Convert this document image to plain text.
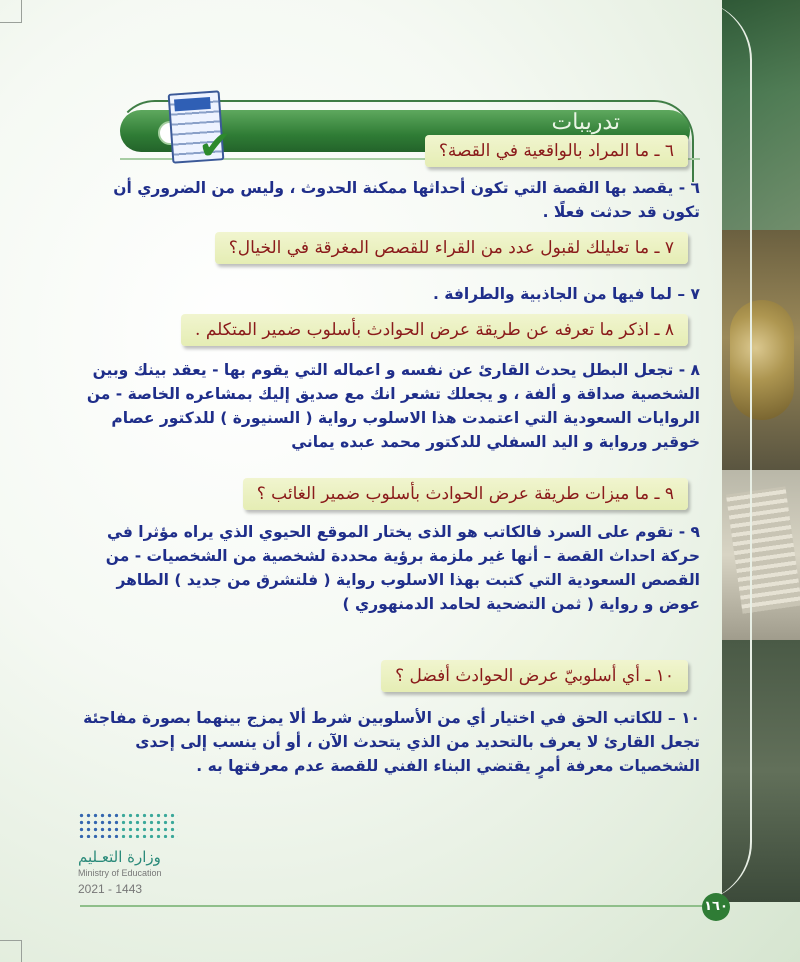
تدريبات
✔	٦ ـ ما المراد بالواقعية في القصة؟
٦ - يقصد بها القصة التي تكون أحداثها ممكنة الحدوث ، وليس من الضروري أن تكون قد حدثت فعلًا .
٧ ـ ما تعليلك لقبول عدد من القراء للقصص المغرقة في الخيال؟
٧ – لما فيها من الجاذبية والطرافة .
٨ ـ اذكر ما تعرفه عن طريقة عرض الحوادث بأسلوب ضمير المتكلم .
٨ - تجعل البطل يحدث القارئ عن نفسه و اعماله التي يقوم بها - يعقد بينك وبين الشخصية صداقة و ألفة ، و يجعلك تشعر انك مع صديق إليك بمشاعره الخاصة - من الروايات السعودية التي اعتمدت هذا الاسلوب رواية ( السنيورة ) للدكتور عصام خوقير ورواية و اليد السفلي للدكتور محمد عبده يماني
٩ ـ ما ميزات طريقة عرض الحوادث بأسلوب ضمير الغائب ؟
٩ - تقوم على السرد فالكاتب هو الذى يختار الموقع الحيوي الذي يراه مؤثرا في حركة احداث القصة – أنها غير ملزمة برؤية محددة لشخصية من الشخصيات - من القصص السعودية التي كتبت بهذا الاسلوب رواية ( فلتشرق من جديد ) الطاهر عوض و رواية ( ثمن التضحية لحامد الدمنهوري )
١٠ ـ أي أسلوبيّ عرض الحوادث أفضل ؟
١٠ – للكاتب الحق في اختيار أي من الأسلوبين شرط ألا يمزج بينهما بصورة مفاجئة تجعل القارئ لا يعرف بالتحديد من الذي يتحدث الآن ، أو أن ينسب إلى إحدى الشخصيات معرفة أمرٍ يقتضي البناء الفني للقصة عدم معرفتها به .
وزارة التعـليم
Ministry of Education
2021 - 1443
١٦٠
